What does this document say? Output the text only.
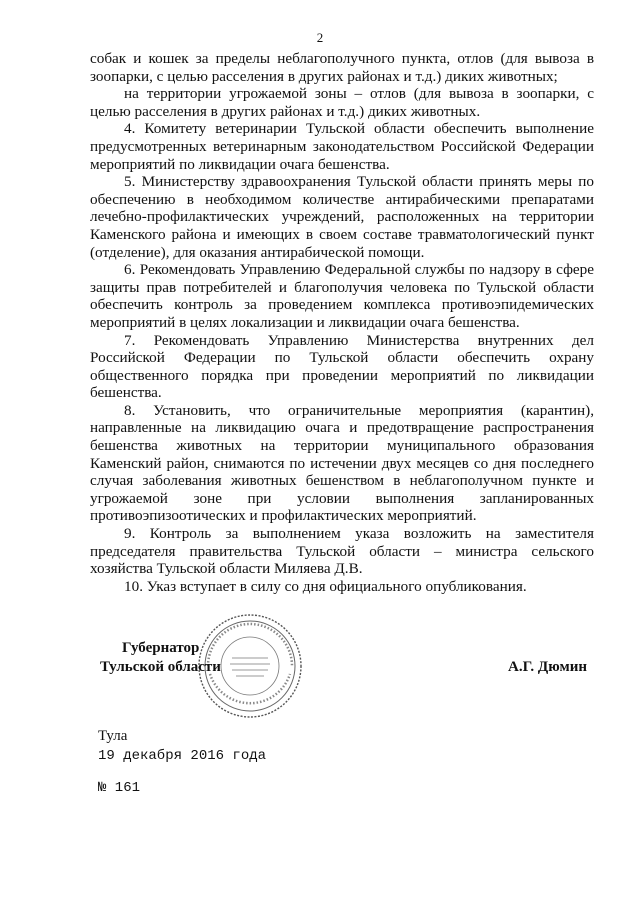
2

собак и кошек за пределы неблагополучного пункта, отлов (для вывоза в зоопарки, с целью расселения в других районах и т.д.) диких животных;

на территории угрожаемой зоны – отлов (для вывоза в зоопарки, с целью расселения в других районах и т.д.) диких животных.

4. Комитету ветеринарии Тульской области обеспечить выполнение предусмотренных ветеринарным законодательством Российской Федерации мероприятий по ликвидации очага бешенства.

5. Министерству здравоохранения Тульской области принять меры по обеспечению в необходимом количестве антирабическими препаратами лечебно-профилактических учреждений, расположенных на территории Каменского района и имеющих в своем составе травматологический пункт (отделение), для оказания антирабической помощи.

6. Рекомендовать Управлению Федеральной службы по надзору в сфере защиты прав потребителей и благополучия человека по Тульской области обеспечить контроль за проведением комплекса противоэпидемических мероприятий в целях локализации и ликвидации очага бешенства.

7. Рекомендовать Управлению Министерства внутренних дел Российской Федерации по Тульской области обеспечить охрану общественного порядка при проведении мероприятий по ликвидации бешенства.

8. Установить, что ограничительные мероприятия (карантин), направленные на ликвидацию очага и предотвращение распространения бешенства животных на территории муниципального образования Каменский район, снимаются по истечении двух месяцев со дня последнего случая заболевания животных бешенством в неблагополучном пункте и угрожаемой зоне при условии выполнения запланированных противоэпизоотических и профилактических мероприятий.

9. Контроль за выполнением указа возложить на заместителя председателя правительства Тульской области – министра сельского хозяйства Тульской области Миляева Д.В.

10. Указ вступает в силу со дня официального опубликования.

Губернатор
Тульской области	А.Г. Дюмин
Тула
19 декабря 2016 года
№ 161
